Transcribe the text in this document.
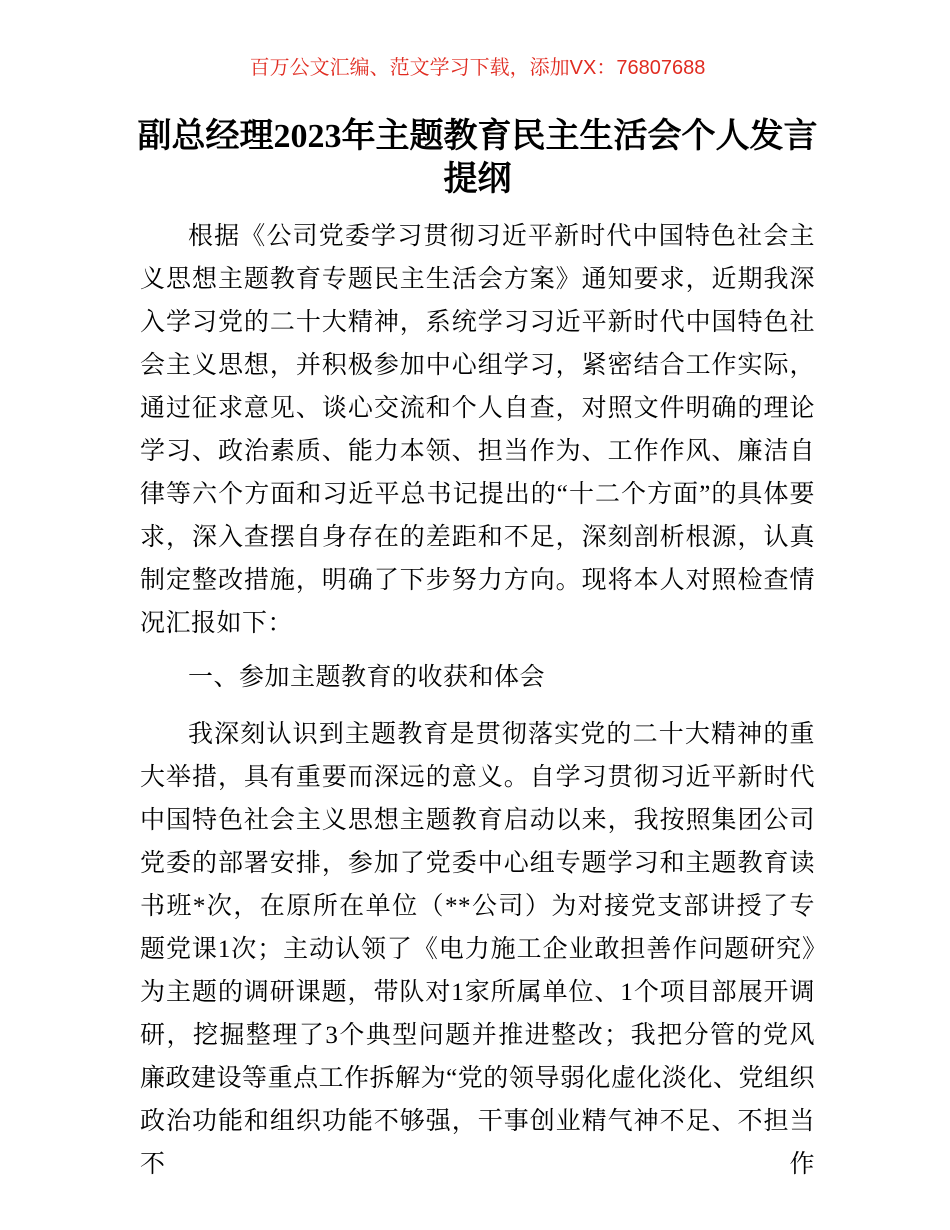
百万公文汇编、范文学习下载，添加VX：76807688
副总经理2023年主题教育民主生活会个人发言提纲

根据《公司党委学习贯彻习近平新时代中国特色社会主义思想主题教育专题民主生活会方案》通知要求，近期我深入学习党的二十大精神，系统学习习近平新时代中国特色社会主义思想，并积极参加中心组学习，紧密结合工作实际，通过征求意见、谈心交流和个人自查，对照文件明确的理论学习、政治素质、能力本领、担当作为、工作作风、廉洁自律等六个方面和习近平总书记提出的“十二个方面”的具体要求，深入查摆自身存在的差距和不足，深刻剖析根源，认真制定整改措施，明确了下步努力方向。现将本人对照检查情况汇报如下：

一、参加主题教育的收获和体会

我深刻认识到主题教育是贯彻落实党的二十大精神的重大举措，具有重要而深远的意义。自学习贯彻习近平新时代中国特色社会主义思想主题教育启动以来，我按照集团公司党委的部署安排，参加了党委中心组专题学习和主题教育读书班*次，在原所在单位（**公司）为对接党支部讲授了专题党课1次；主动认领了《电力施工企业敢担善作问题研究》为主题的调研课题，带队对1家所属单位、1个项目部展开调研，挖掘整理了3个典型问题并推进整改；我把分管的党风廉政建设等重点工作拆解为“党的领导弱化虚化淡化、党组织政治功能和组织功能不够强，干事创业精气神不足、不担当不作
